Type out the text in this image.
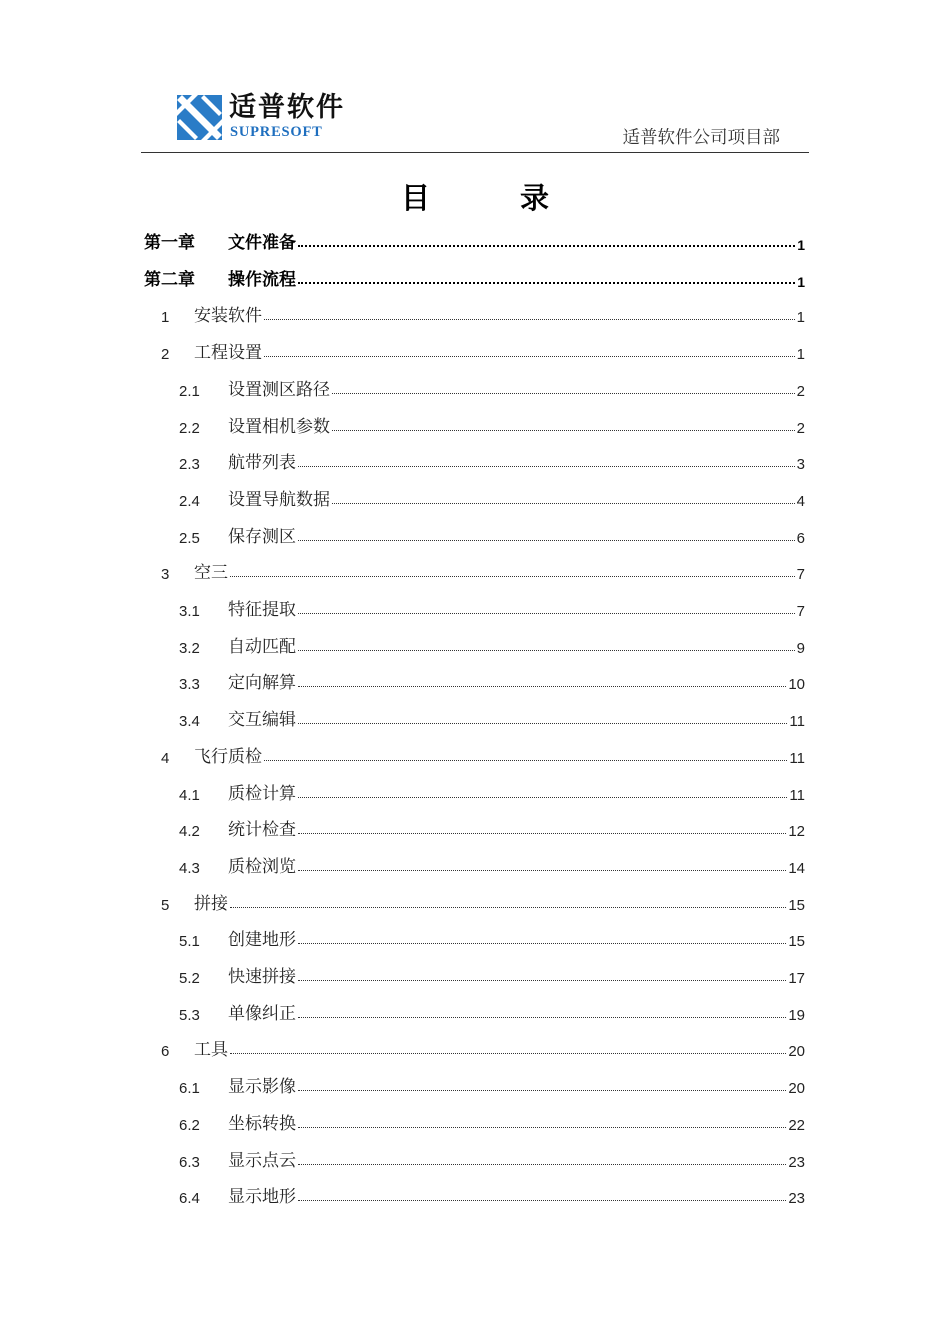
适普软件
SUPRESOFT	适普软件公司项目部
目 录
第一章	文件准备	1
第二章	操作流程	1
1	安装软件	1
2	工程设置	1
2.1	设置测区路径	2
2.2	设置相机参数	2
2.3	航带列表	3
2.4	设置导航数据	4
2.5	保存测区	6
3	空三	7
3.1	特征提取	7
3.2	自动匹配	9
3.3	定向解算	10
3.4	交互编辑	11
4	飞行质检	11
4.1	质检计算	11
4.2	统计检查	12
4.3	质检浏览	14
5	拼接	15
5.1	创建地形	15
5.2	快速拼接	17
5.3	单像纠正	19
6	工具	20
6.1	显示影像	20
6.2	坐标转换	22
6.3	显示点云	23
6.4	显示地形	23
